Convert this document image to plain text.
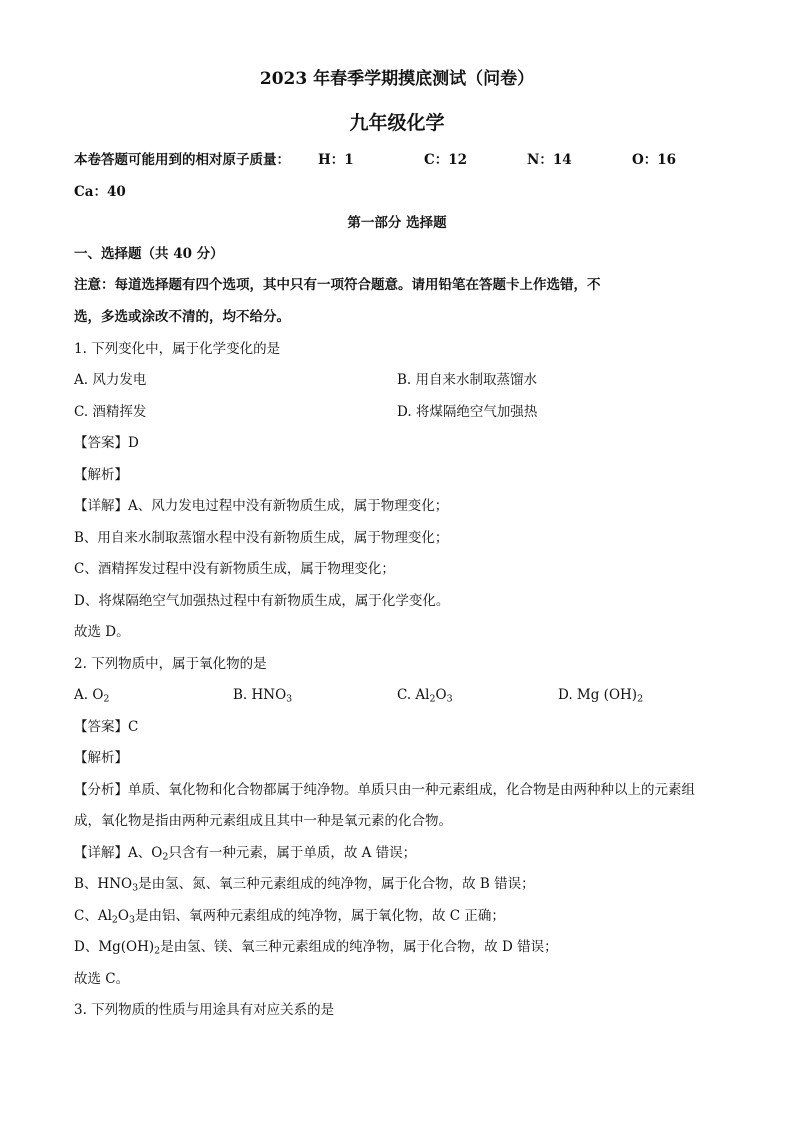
2023 年春季学期摸底测试（问卷）
九年级化学
本卷答题可能用到的相对原子质量： H：1	C：12	N：14	O：16
Ca：40
第一部分 选择题
一、选择题（共 40 分）
注意：每道选择题有四个选项，其中只有一项符合题意。请用铅笔在答题卡上作选错，不
选，多选或涂改不清的，均不给分。
1. 下列变化中，属于化学变化的是
A. 风力发电	B. 用自来水制取蒸馏水
C. 酒精挥发	D. 将煤隔绝空气加强热
【答案】D
【解析】
【详解】A、风力发电过程中没有新物质生成，属于物理变化；
B、用自来水制取蒸馏水程中没有新物质生成，属于物理变化；
C、酒精挥发过程中没有新物质生成，属于物理变化；
D、将煤隔绝空气加强热过程中有新物质生成，属于化学变化。
故选 D。
2. 下列物质中，属于氧化物的是
A. $O_2$	B. $HNO_3$	C. $Al_2O_3$	D. Mg $(OH)_2$
【答案】C
【解析】
【分析】单质、氧化物和化合物都属于纯净物。单质只由一种元素组成，化合物是由两种种以上的元素组
成，氧化物是指由两种元素组成且其中一种是氧元素的化合物。
【详解】A、$O_2$只含有一种元素，属于单质，故 A 错误；
B、$HNO_3$是由氢、氮、氧三种元素组成的纯净物，属于化合物，故 B 错误；
C、$Al_2O_3$是由铝、氧两种元素组成的纯净物，属于氧化物，故 C 正确；
D、$Mg(OH)_2$是由氢、镁、氧三种元素组成的纯净物，属于化合物，故 D 错误；
故选 C。
3. 下列物质的性质与用途具有对应关系的是
